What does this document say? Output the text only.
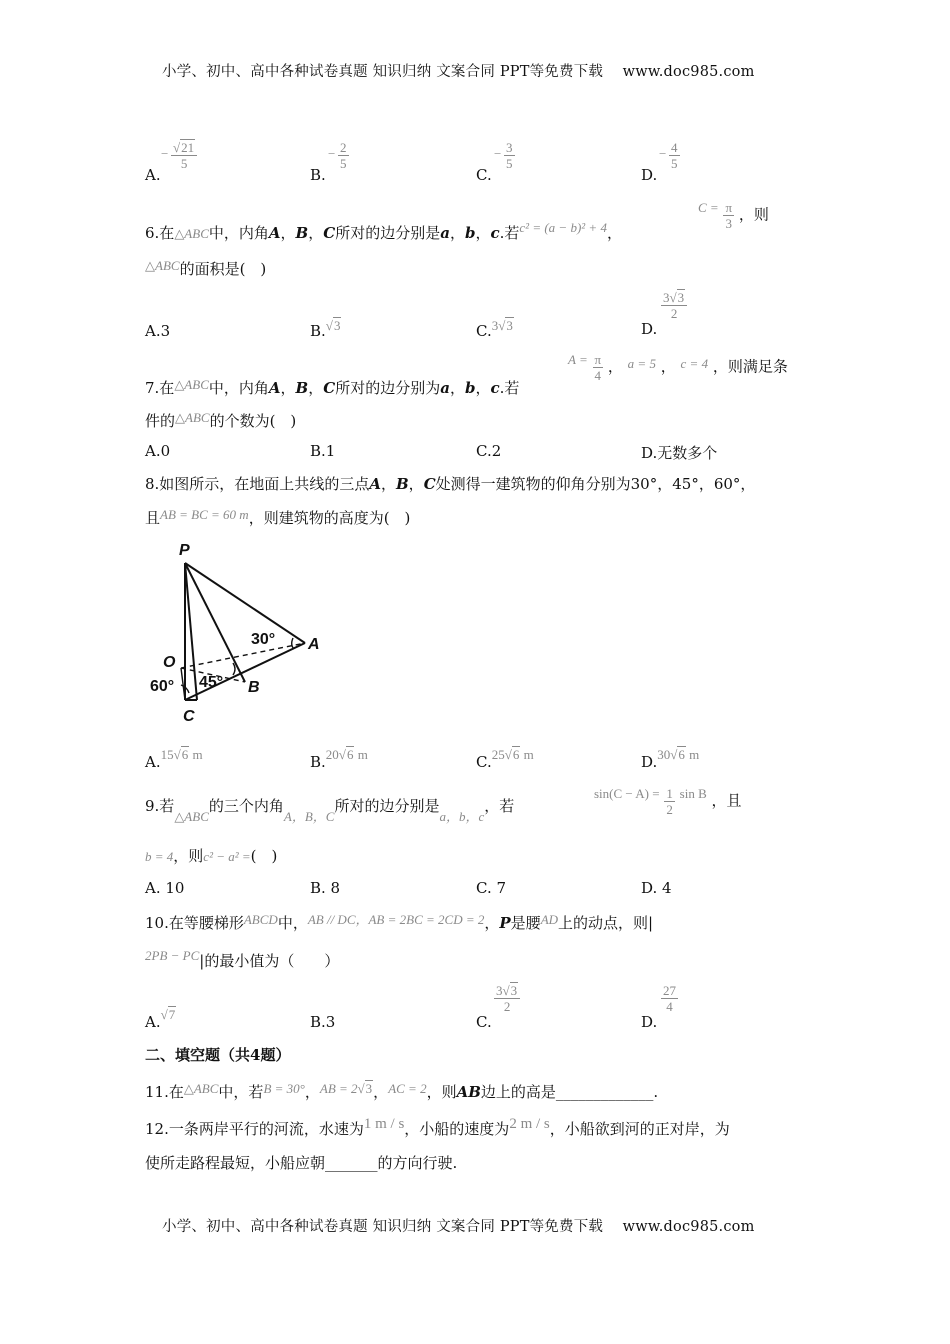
小学、初中、高中各种试卷真题 知识归纳 文案合同 PPT等免费下载 　www.doc985.com
A.
− $\frac{√21}{5}$
B.
− $\frac{2}{5}$
C.
− $\frac{3}{5}$
D.
− $\frac{4}{5}$
6.在△ABC中，内角A，B，C所对的边分别是a，b，c.若c² = (a − b)² + 4，
$C = \frac{\pi}{3}$ ，则
△ABC的面积是(　)
A.3	B.√3	C.3√3	D.
$\frac{3√3}{2}$
7.在△ABC中，内角A，B，C所对的边分别为a，b，c.若
$A = \frac{\pi}{4}$ ， a = 5 ， c = 4 ，则满足条
件的△ABC的个数为(　)
A.0	B.1	C.2	D.无数多个
8.如图所示，在地面上共线的三点A，B，C处测得一建筑物的仰角分别为30°，45°，60°，
且AB = BC = 60 m，则建筑物的高度为(　)
P
O
A
B
C
30°
45°
60°
A.15√6 m	B.20√6 m	C.25√6 m	D.30√6 m
9.若△ABC的三个内角A，B，C所对的边分别是a，b，c，若
$\sin(C - A) = \frac{1}{2}$ sin B ，且
b = 4，则c² − a² =(　)
A. 10	B. 8	C. 7	D. 4
10.在等腰梯形ABCD中，AB // DC，AB = 2BC = 2CD = 2，P是腰AD上的动点，则|
2PB − PC|的最小值为（　　）
A.√7	B.3	C.
$\frac{3√3}{2}$
D.
$\frac{27}{4}$
二、填空题（共4题）
11.在△ABC中，若B = 30°，AB = 2√3，AC = 2，则AB边上的高是_____________.
12.一条两岸平行的河流，水速为1 m / s，小船的速度为2 m / s，小船欲到河的正对岸，为
使所走路程最短，小船应朝_______的方向行驶.
小学、初中、高中各种试卷真题 知识归纳 文案合同 PPT等免费下载 　www.doc985.com
